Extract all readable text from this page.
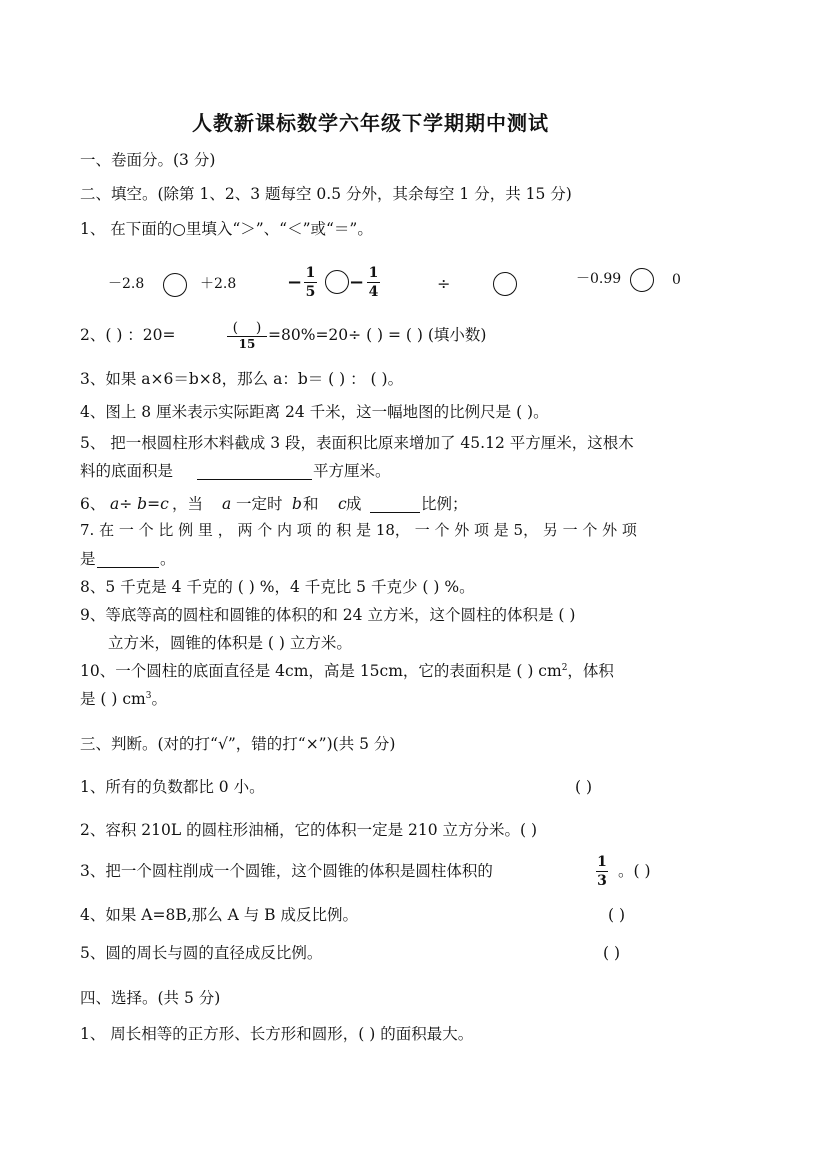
人教新课标数学六年级下学期期中测试
一、卷面分。(3 分)
二、填空。(除第 1、2、3 题每空 0.5 分外，其余每空 1 分，共 15 分)
1、 在下面的○里填入“＞”、“＜”或“＝”。
－2.8	＋2.8	− 1
5 − 1
4	÷	－0.99	0
2、( ) ：20=	(    )
15 =80%=20÷ ( ) = ( ) (填小数)
3、如果 a×6＝b×8，那么 a：b＝ ( ) ： ( )。
4、图上 8 厘米表示实际距离 24 千米，这一幅地图的比例尺是 ( )。
5、 把一根圆柱形木料截成 3 段，表面积比原来增加了 45.12 平方厘米，这根木
料的底面积是	平方厘米。
6、 a÷ b=c ，当 a 一定时 b 和 c 成	比例；
7. 在 一 个 比 例 里 ， 两 个 内 项 的 积 是 18， 一 个 外 项 是 5， 另 一 个 外 项
是	。
8、5 千克是 4 千克的 ( ) %，4 千克比 5 千克少 ( ) %。
9、等底等高的圆柱和圆锥的体积的和 24 立方米，这个圆柱的体积是 ( )
立方米，圆锥的体积是 ( ) 立方米。
10、一个圆柱的底面直径是 4cm，高是 15cm，它的表面积是 ( ) $cm^2$，体积
是 ( ) $cm^3$。
三、判断。(对的打“√”，错的打“×”)(共 5 分)
1、所有的负数都比 0 小。	( )
2、容积 210L 的圆柱形油桶，它的体积一定是 210 立方分米。( )
3、把一个圆柱削成一个圆锥，这个圆锥的体积是圆柱体积的	1
3
。( )
4、如果 A=8B,那么 A 与 B 成反比例。	( )
5、圆的周长与圆的直径成反比例。	( )
四、选择。(共 5 分)
1、 周长相等的正方形、长方形和圆形，( ) 的面积最大。
